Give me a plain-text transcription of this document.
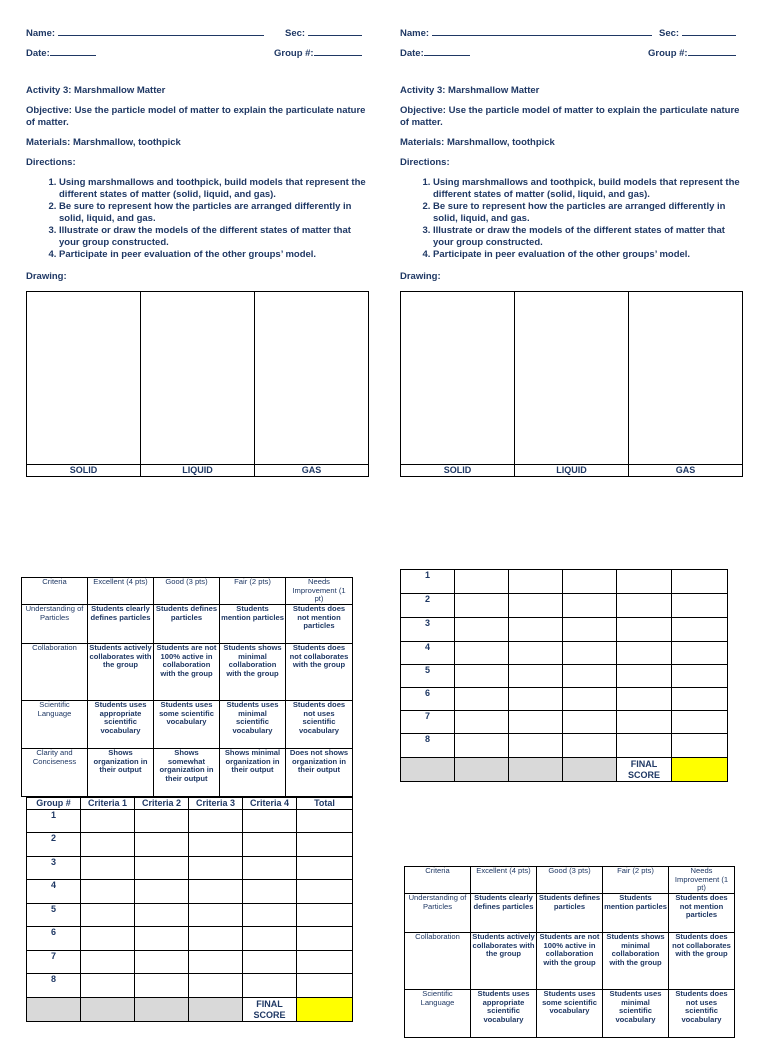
Name:	Sec:
Date:	Group #:
Activity 3: Marshmallow Matter
Objective: Use the particle model of matter to explain the particulate nature of matter.
Materials: Marshmallow, toothpick
Directions:
1. Using marshmallows and toothpick, build models that represent the different states of matter (solid, liquid, and gas).
2. Be sure to represent how the particles are arranged differently in solid, liquid, and gas.
3. Illustrate or draw the models of the different states of matter that your group constructed.
4. Participate in peer evaluation of the other groups’ model.
Drawing:
SOLID	LIQUID	GAS
Criteria	Excellent (4 pts)	Good (3 pts)	Fair (2 pts)	Needs Improvement (1 pt)
Understanding of Particles	Students clearly defines particles	Students defines particles	Students mention particles	Students does not mention particles
Collaboration	Students actively collaborates with the group	Students are not 100% active in collaboration with the group	Students shows minimal collaboration with the group	Students does not collaborates with the group
Scientific Language	Students uses appropriate scientific vocabulary	Students uses some scientific vocabulary	Students uses minimal scientific vocabulary	Students does not uses scientific vocabulary
Clarity and Conciseness	Shows organization in their output	Shows somewhat organization in their output	Shows minimal organization in their output	Does not shows organization in their output
Group #	Criteria 1	Criteria 2	Criteria 3	Criteria 4	Total
1					
2					
3					
4					
5					
6					
7					
8					
				FINAL SCORE	
Name:	Sec:
Date:	Group #:
Activity 3: Marshmallow Matter
Objective: Use the particle model of matter to explain the particulate nature of matter.
Materials: Marshmallow, toothpick
Directions:
1. Using marshmallows and toothpick, build models that represent the different states of matter (solid, liquid, and gas).
2. Be sure to represent how the particles are arranged differently in solid, liquid, and gas.
3. Illustrate or draw the models of the different states of matter that your group constructed.
4. Participate in peer evaluation of the other groups’ model.
Drawing:
SOLID	LIQUID	GAS
1					
2					
3					
4					
5					
6					
7					
8					
				FINAL SCORE	
Criteria	Excellent (4 pts)	Good (3 pts)	Fair (2 pts)	Needs Improvement (1 pt)
Understanding of Particles	Students clearly defines particles	Students defines particles	Students mention particles	Students does not mention particles
Collaboration	Students actively collaborates with the group	Students are not 100% active in collaboration with the group	Students shows minimal collaboration with the group	Students does not collaborates with the group
Scientific Language	Students uses appropriate scientific vocabulary	Students uses some scientific vocabulary	Students uses minimal scientific vocabulary	Students does not uses scientific vocabulary
